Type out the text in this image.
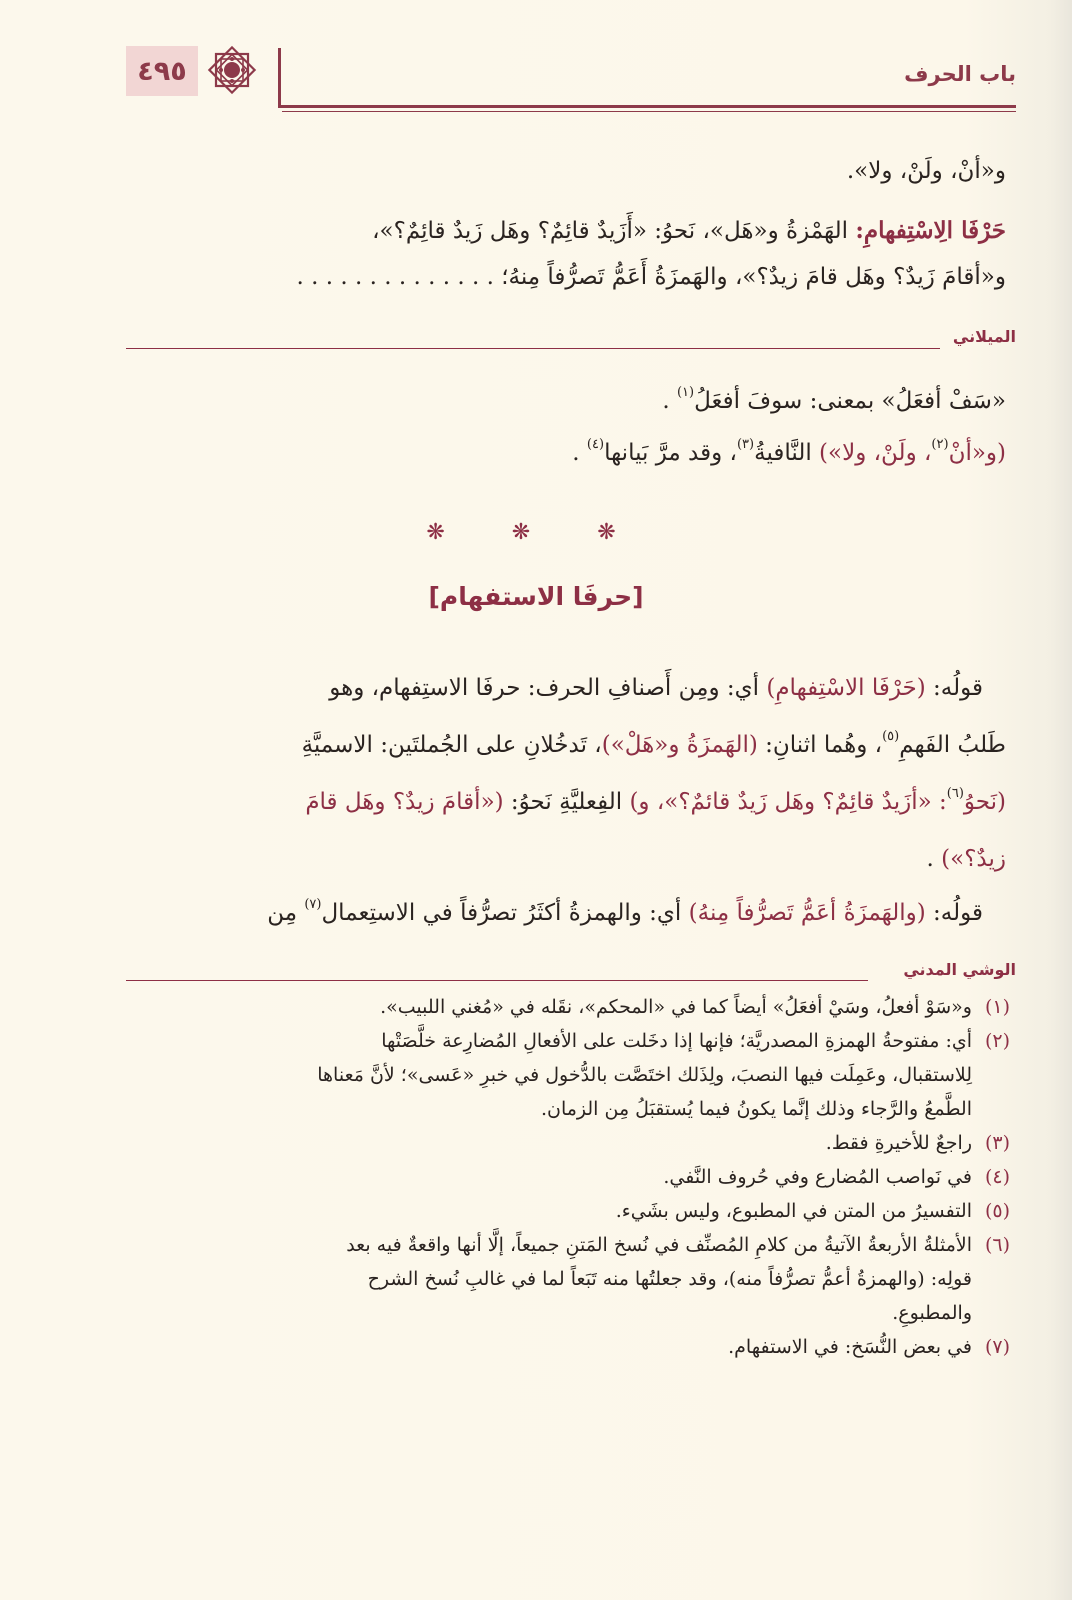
٤٩٥	باب الحرف
و«أنْ، ولَنْ، ولا».
حَرْفَا الِاسْتِفهامِ: الهَمْزةُ و«هَل»، نَحوُ: «أَزَيدٌ قائِمٌ؟ وهَل زَيدٌ قائِمٌ؟»،
و«أقامَ زَيدٌ؟ وهَل قامَ زيدٌ؟»، والهَمزَةُ أَعَمُّ تَصرُّفاً مِنهُ؛ . . . . . . . . . . . . . .
الميلاني
«سَفْ أفعَلُ» بمعنى: سوفَ أفعَلُ$^{(١)}$ .
(و«أنْ$^{(٢)}$، ولَنْ، ولا») النَّافيةُ$^{(٣)}$، وقد مرَّ بَيانها$^{(٤)}$ .
❋ ❋ ❋
[حرفَا الاستفهام]
 قولُه: (حَرْفَا الاسْتِفهامِ) أي: ومِن أَصنافِ الحرف: حرفَا الاستِفهام، وهو
طَلبُ الفَهمِ$^{(٥)}$، وهُما اثنانِ: (الهَمزَةُ و«هَلْ»)، تَدخُلانِ على الجُملتَين: الاسميَّةِ
(نَحوُ$^{(٦)}$: «أزَيدٌ قائِمٌ؟ وهَل زَيدٌ قائمٌ؟»، و) الفِعليَّةِ نَحوُ: («أقامَ زيدٌ؟ وهَل قامَ
زيدٌ؟») .
 قولُه: (والهَمزَةُ أعَمُّ تَصرُّفاً مِنهُ) أي: والهمزةُ أكثَرُ تصرُّفاً في الاستِعمال$^{(٧)}$ مِن
الوشي المدني
(١)
و«سَوْ أفعلُ، وسَيْ أفعَلُ» أيضاً كما في «المحكم»، نقَله في «مُغني اللبيب».
(٢)
أي: مفتوحةُ الهمزةِ المصدريَّة؛ فإنها إذا دخَلت على الأفعالِ المُضارِعة خلَّصَتْها
لِلاستقبال، وعَمِلَت فيها النصبَ، ولِذَلك اختَصَّت بالدُّخول في خبرِ «عَسى»؛ لأنَّ مَعناها
الطَّمعُ والرَّجاء وذلك إنَّما يكونُ فيما يُستقبَلُ مِن الزمان.
(٣)
راجعٌ للأخيرةِ فقط.
(٤)
في نَواصب المُضارع وفي حُروف النَّفي.
(٥)
التفسيرُ من المتن في المطبوع، وليس بشَيء.
(٦)
الأمثلةُ الأربعةُ الآتيةُ من كلامِ المُصنِّف في نُسخ المَتنِ جميعاً، إلَّا أنها واقعةٌ فيه بعد
قولِه: (والهمزةُ أعمُّ تصرُّفاً منه)، وقد جعلتُها منه تَبَعاً لما في غالبِ نُسخ الشرح
والمطبوعِ.
(٧)
في بعض النُّسَخ: في الاستفهام.
